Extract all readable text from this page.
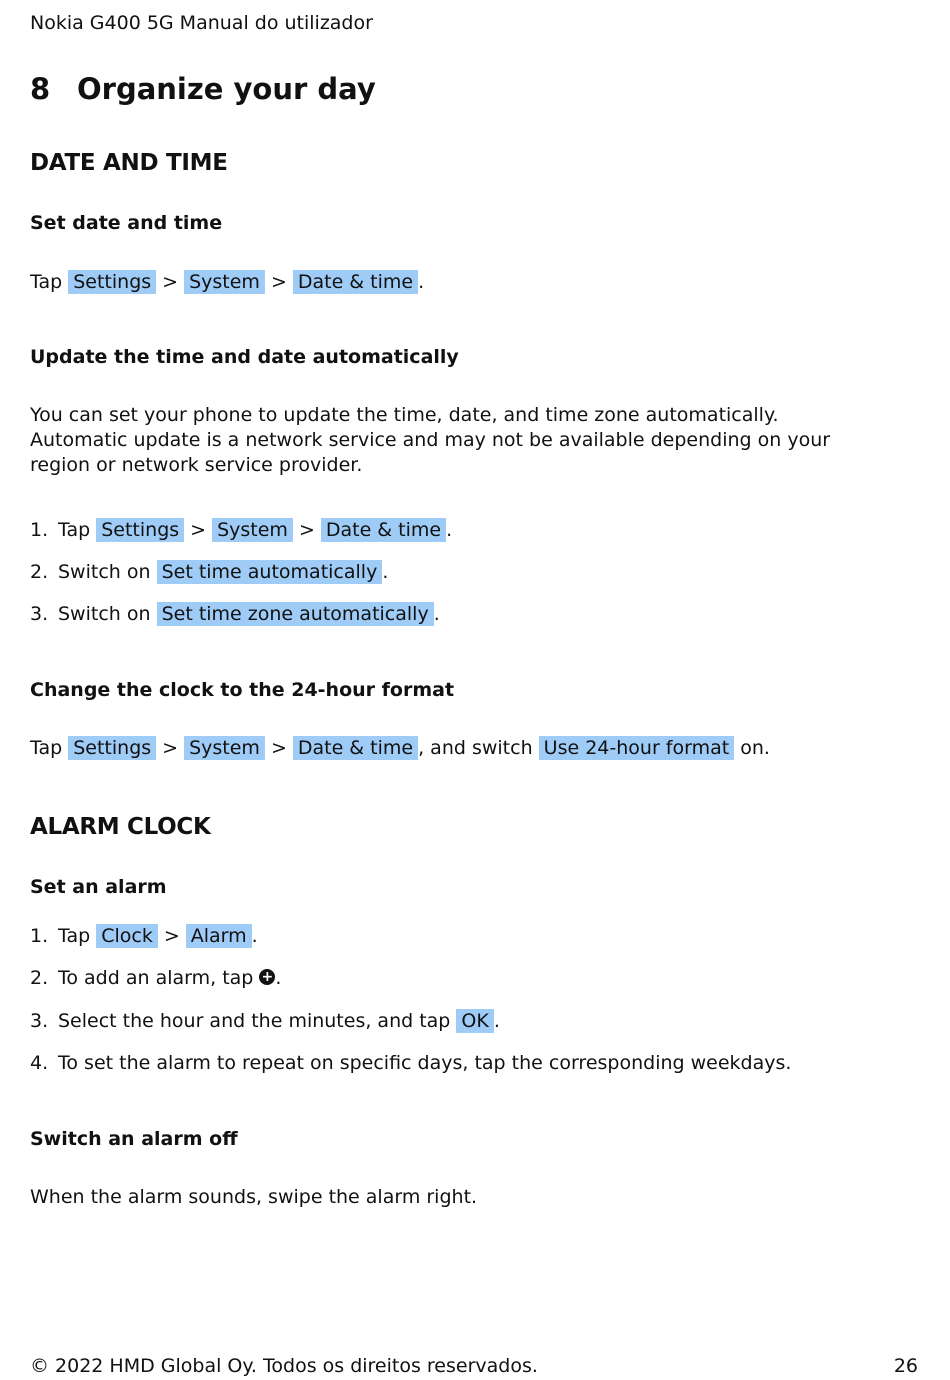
Nokia G400 5G Manual do utilizador

8 Organize your day
DATE AND TIME
Set date and time

Tap Settings > System > Date & time .

Update the time and date automatically

You can set your phone to update the time, date, and time zone automatically. Automatic update is a network service and may not be available depending on your region or network service provider.

1. Tap Settings > System > Date & time .

2. Switch on Set time automatically .

3. Switch on Set time zone automatically .

Change the clock to the 24-hour format

Tap Settings > System > Date & time , and switch Use 24-hour format on.

ALARM CLOCK
Set an alarm

1. Tap Clock > Alarm .

2. To add an alarm, tap + .

3. Select the hour and the minutes, and tap OK .

4. To set the alarm to repeat on specific days, tap the corresponding weekdays.

Switch an alarm off

When the alarm sounds, swipe the alarm right.

© 2022 HMD Global Oy. Todos os direitos reservados.	26
